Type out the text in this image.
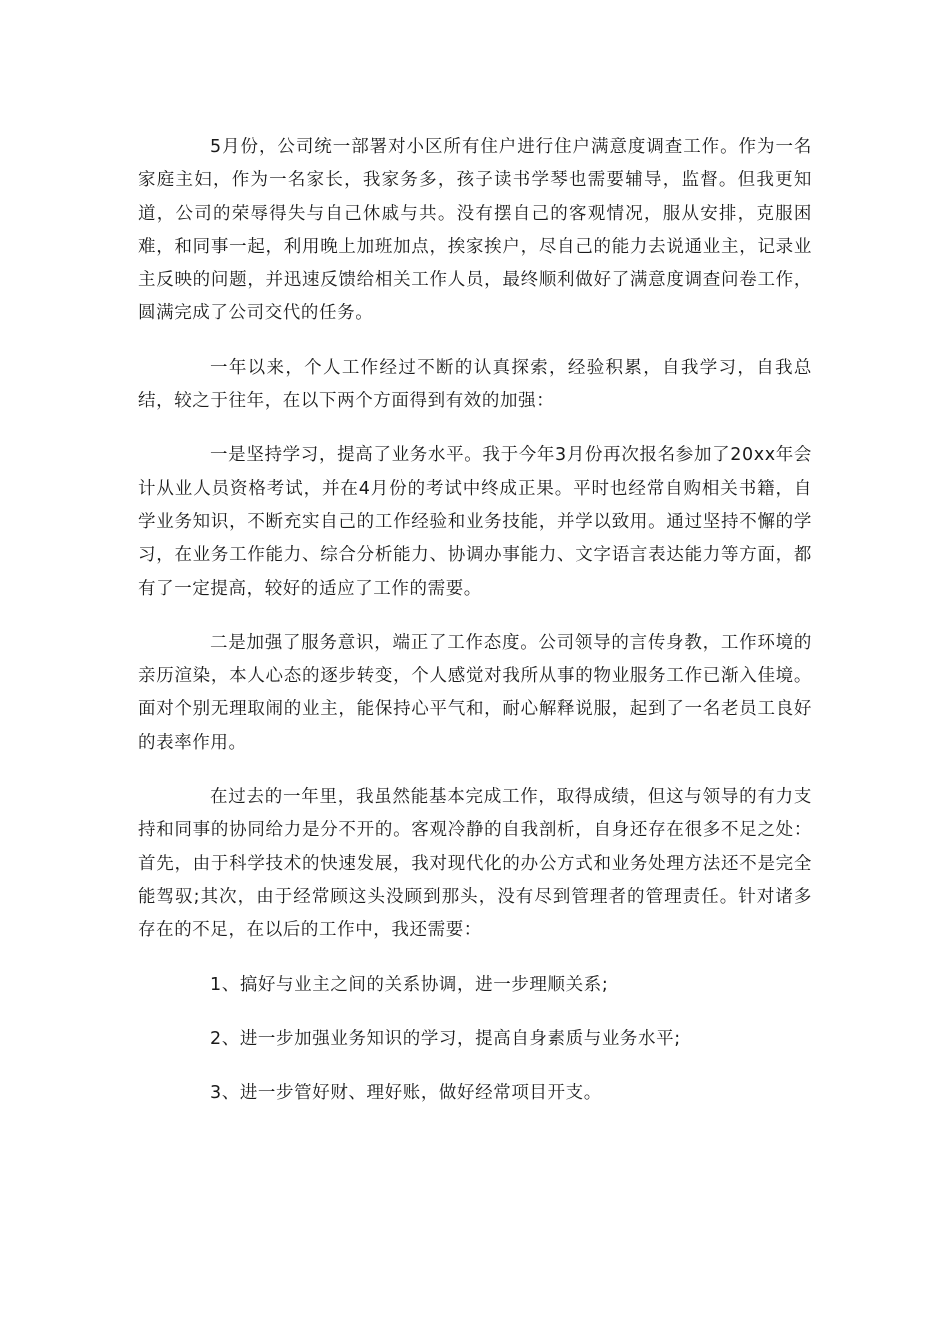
5月份，公司统一部署对小区所有住户进行住户满意度调查工作。作为一名家庭主妇，作为一名家长，我家务多，孩子读书学琴也需要辅导，监督。但我更知道，公司的荣辱得失与自己休戚与共。没有摆自己的客观情况，服从安排，克服困难，和同事一起，利用晚上加班加点，挨家挨户，尽自己的能力去说通业主，记录业主反映的问题，并迅速反馈给相关工作人员，最终顺利做好了满意度调查问卷工作，圆满完成了公司交代的任务。

一年以来，个人工作经过不断的认真探索，经验积累，自我学习，自我总结，较之于往年，在以下两个方面得到有效的加强：

一是坚持学习，提高了业务水平。我于今年3月份再次报名参加了20xx年会计从业人员资格考试，并在4月份的考试中终成正果。平时也经常自购相关书籍，自学业务知识，不断充实自己的工作经验和业务技能，并学以致用。通过坚持不懈的学习，在业务工作能力、综合分析能力、协调办事能力、文字语言表达能力等方面，都有了一定提高，较好的适应了工作的需要。

二是加强了服务意识，端正了工作态度。公司领导的言传身教，工作环境的亲历渲染，本人心态的逐步转变，个人感觉对我所从事的物业服务工作已渐入佳境。面对个别无理取闹的业主，能保持心平气和，耐心解释说服，起到了一名老员工良好的表率作用。

在过去的一年里，我虽然能基本完成工作，取得成绩，但这与领导的有力支持和同事的协同给力是分不开的。客观冷静的自我剖析，自身还存在很多不足之处：首先，由于科学技术的快速发展，我对现代化的办公方式和业务处理方法还不是完全能驾驭;其次，由于经常顾这头没顾到那头，没有尽到管理者的管理责任。针对诸多存在的不足，在以后的工作中，我还需要：

1、搞好与业主之间的关系协调，进一步理顺关系;

2、进一步加强业务知识的学习，提高自身素质与业务水平;

3、进一步管好财、理好账，做好经常项目开支。
